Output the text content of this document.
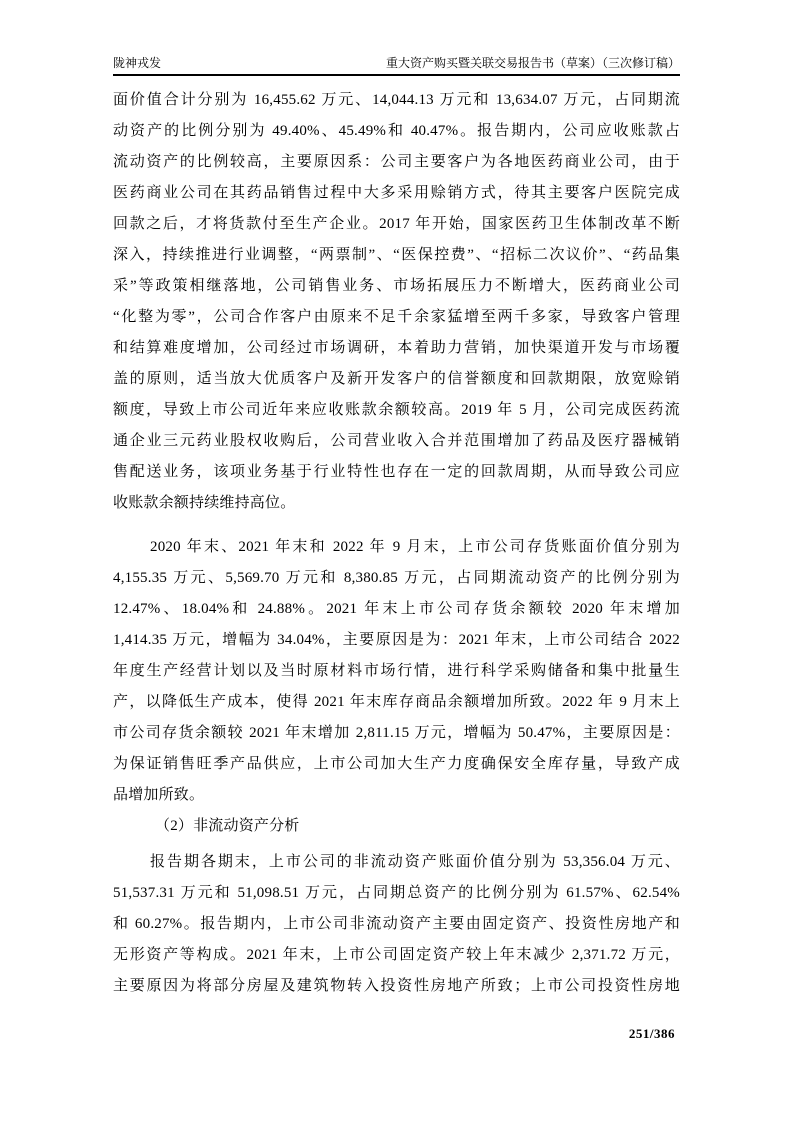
陇神戎发	重大资产购买暨关联交易报告书（草案）（三次修订稿）
面价值合计分别为 16,455.62 万元、14,044.13 万元和 13,634.07 万元，占同期流
动资产的比例分别为 49.40%、45.49%和 40.47%。报告期内，公司应收账款占
流动资产的比例较高，主要原因系：公司主要客户为各地医药商业公司，由于
医药商业公司在其药品销售过程中大多采用赊销方式，待其主要客户医院完成
回款之后，才将货款付至生产企业。2017 年开始，国家医药卫生体制改革不断
深入，持续推进行业调整，“两票制”、“医保控费”、“招标二次议价”、“药品集
采”等政策相继落地，公司销售业务、市场拓展压力不断增大，医药商业公司
“化整为零”，公司合作客户由原来不足千余家猛增至两千多家，导致客户管理
和结算难度增加，公司经过市场调研，本着助力营销，加快渠道开发与市场覆
盖的原则，适当放大优质客户及新开发客户的信誉额度和回款期限，放宽赊销
额度，导致上市公司近年来应收账款余额较高。2019 年 5 月，公司完成医药流
通企业三元药业股权收购后，公司营业收入合并范围增加了药品及医疗器械销
售配送业务，该项业务基于行业特性也存在一定的回款周期，从而导致公司应
收账款余额持续维持高位。
2020 年末、2021 年末和 2022 年 9 月末，上市公司存货账面价值分别为
4,155.35 万元、5,569.70 万元和 8,380.85 万元，占同期流动资产的比例分别为
12.47%、18.04%和 24.88%。2021 年末上市公司存货余额较 2020 年末增加
1,414.35 万元，增幅为 34.04%，主要原因是为：2021 年末，上市公司结合 2022
年度生产经营计划以及当时原材料市场行情，进行科学采购储备和集中批量生
产，以降低生产成本，使得 2021 年末库存商品余额增加所致。2022 年 9 月末上
市公司存货余额较 2021 年末增加 2,811.15 万元，增幅为 50.47%，主要原因是：
为保证销售旺季产品供应，上市公司加大生产力度确保安全库存量，导致产成
品增加所致。
（2）非流动资产分析
报告期各期末，上市公司的非流动资产账面价值分别为 53,356.04 万元、
51,537.31 万元和 51,098.51 万元，占同期总资产的比例分别为 61.57%、62.54%
和 60.27%。报告期内，上市公司非流动资产主要由固定资产、投资性房地产和
无形资产等构成。2021 年末，上市公司固定资产较上年末减少 2,371.72 万元，
主要原因为将部分房屋及建筑物转入投资性房地产所致；上市公司投资性房地
251/386
